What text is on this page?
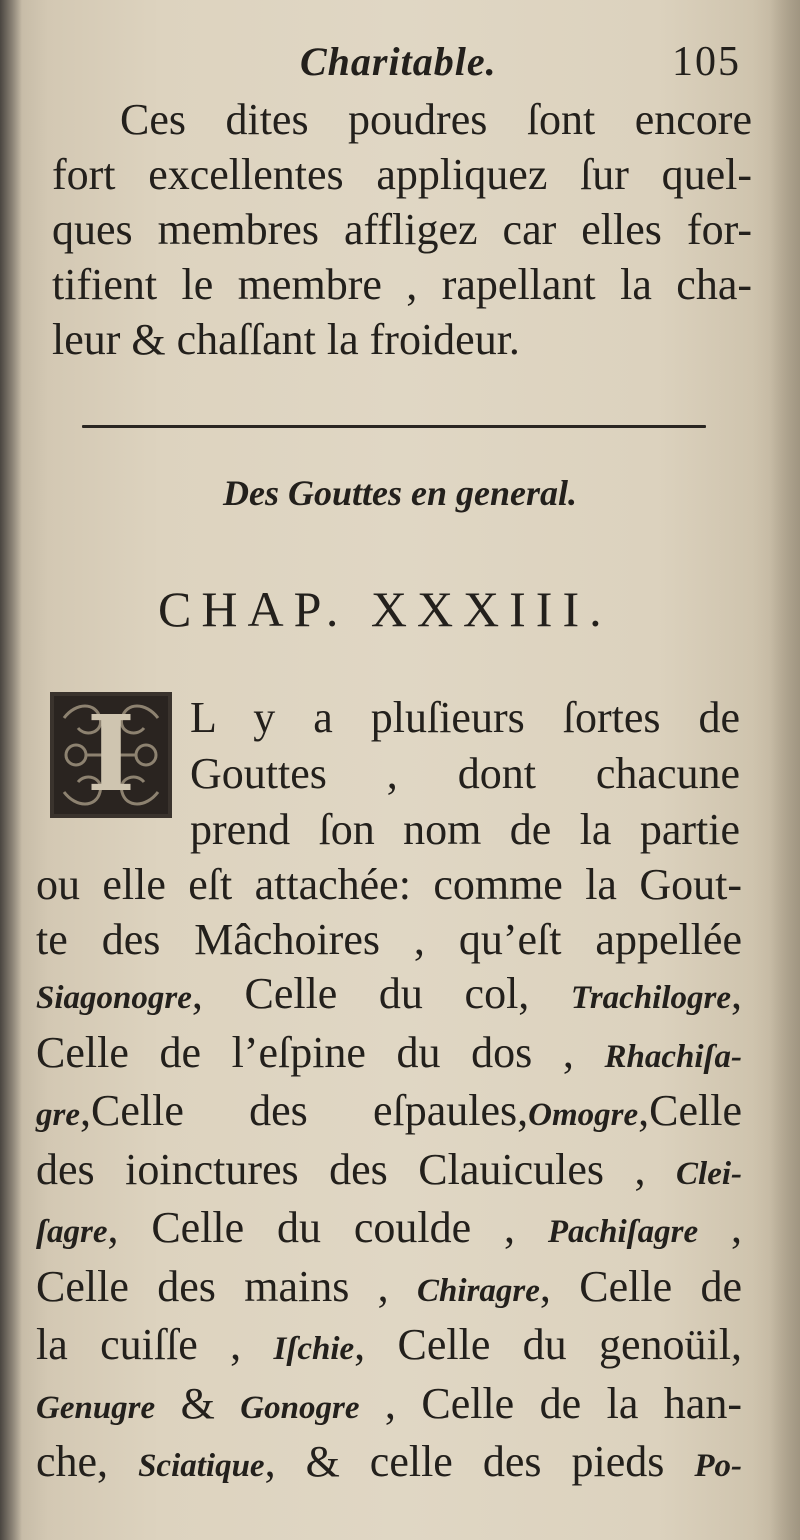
Charitable.	105
Ces dites poudres ſont encore
fort excellentes appliquez ſur quel-
ques membres affligez car elles for-
tifient le membre , rapellant la cha-
leur & chaſſant la froideur.
Des Gouttes en general.
CHAP. XXXIII.
I	L y a pluſieurs ſortes de
Gouttes , dont chacune
prend ſon nom de la partie
ou elle eſt attachée: comme la Gout-
te des Mâchoires , qu’eſt appellée
Siagonogre, Celle du col, Trachilogre,
Celle de l’eſpine du dos , Rhachiſa-
gre,Celle des eſpaules,Omogre,Celle
des ioinctures des Clauicules , Clei-
ſagre, Celle du coulde , Pachiſagre ,
Celle des mains , Chiragre, Celle de
la cuiſſe , Iſchie, Celle du genoüil,
Genugre & Gonogre , Celle de la han-
che, Sciatique, & celle des pieds Po-
